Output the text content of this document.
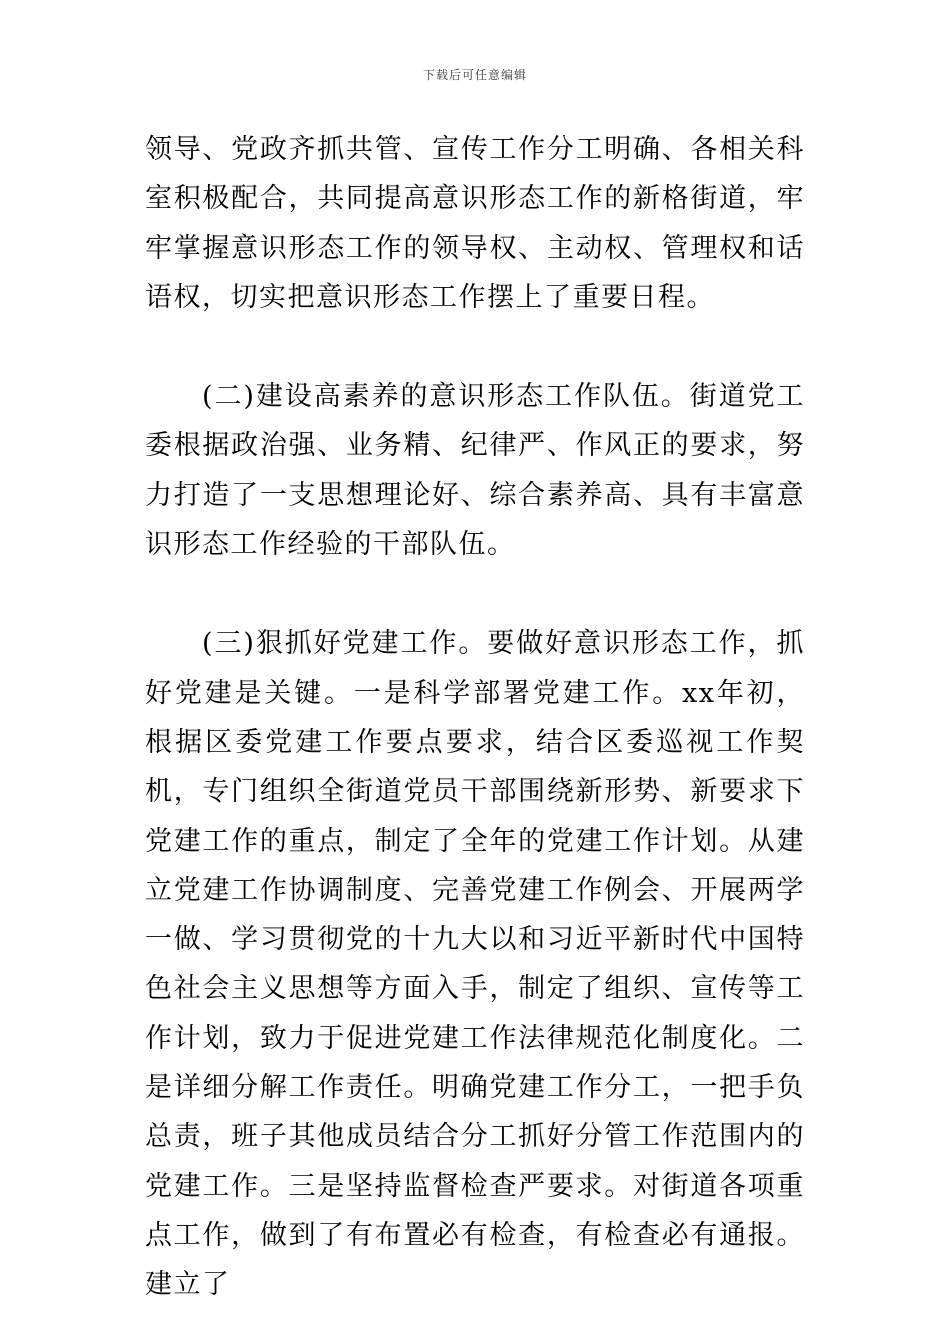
下载后可任意编辑

领导、党政齐抓共管、宣传工作分工明确、各相关科室积极配合，共同提高意识形态工作的新格街道，牢牢掌握意识形态工作的领导权、主动权、管理权和话语权，切实把意识形态工作摆上了重要日程。

(二)建设高素养的意识形态工作队伍。街道党工委根据政治强、业务精、纪律严、作风正的要求，努力打造了一支思想理论好、综合素养高、具有丰富意识形态工作经验的干部队伍。

(三)狠抓好党建工作。要做好意识形态工作，抓好党建是关键。一是科学部署党建工作。xx年初，根据区委党建工作要点要求，结合区委巡视工作契机，专门组织全街道党员干部围绕新形势、新要求下党建工作的重点，制定了全年的党建工作计划。从建立党建工作协调制度、完善党建工作例会、开展两学一做、学习贯彻党的十九大以和习近平新时代中国特色社会主义思想等方面入手，制定了组织、宣传等工作计划，致力于促进党建工作法律规范化制度化。二是详细分解工作责任。明确党建工作分工，一把手负总责，班子其他成员结合分工抓好分管工作范围内的党建工作。三是坚持监督检查严要求。对街道各项重点工作，做到了有布置必有检查，有检查必有通报。建立了
